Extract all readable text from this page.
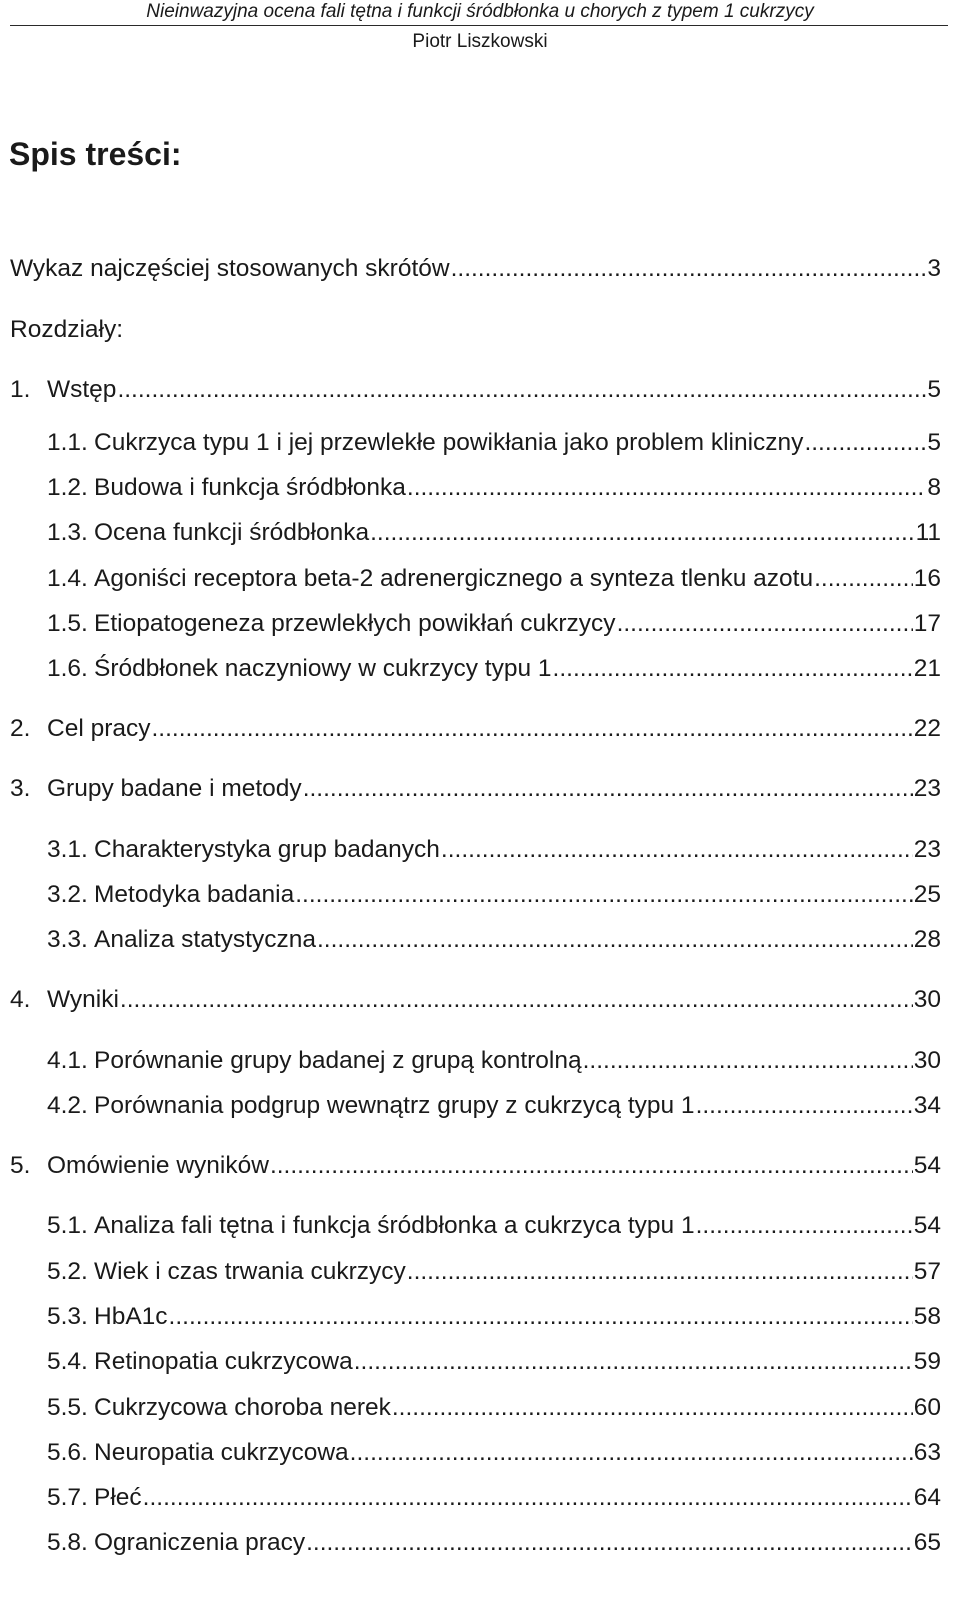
Nieinwazyjna ocena fali tętna i funkcji śródbłonka u chorych z typem 1 cukrzycy
Piotr Liszkowski
Spis treści:
Wykaz najczęściej stosowanych skrótów .....	3
Rozdziały:
1. Wstęp .....	5
1.1. Cukrzyca typu 1 i jej przewlekłe powikłania jako problem kliniczny .....	5
1.2. Budowa i funkcja śródbłonka .....	8
1.3. Ocena funkcji śródbłonka .....	11
1.4. Agoniści receptora beta-2 adrenergicznego a synteza tlenku azotu .....	16
1.5. Etiopatogeneza przewlekłych powikłań cukrzycy .....	17
1.6. Śródbłonek naczyniowy w cukrzycy typu 1 .....	21
2. Cel pracy .....	22
3. Grupy badane i metody .....	23
3.1. Charakterystyka grup badanych .....	23
3.2. Metodyka badania .....	25
3.3. Analiza statystyczna .....	28
4. Wyniki .....	30
4.1. Porównanie grupy badanej z grupą kontrolną .....	30
4.2. Porównania podgrup wewnątrz grupy z cukrzycą typu 1 .....	34
5. Omówienie wyników .....	54
5.1. Analiza fali tętna i funkcja śródbłonka a cukrzyca typu 1 .....	54
5.2. Wiek i czas trwania cukrzycy .....	57
5.3. HbA1c .....	58
5.4. Retinopatia cukrzycowa .....	59
5.5. Cukrzycowa choroba nerek .....	60
5.6. Neuropatia cukrzycowa .....	63
5.7. Płeć .....	64
5.8. Ograniczenia pracy .....	65
